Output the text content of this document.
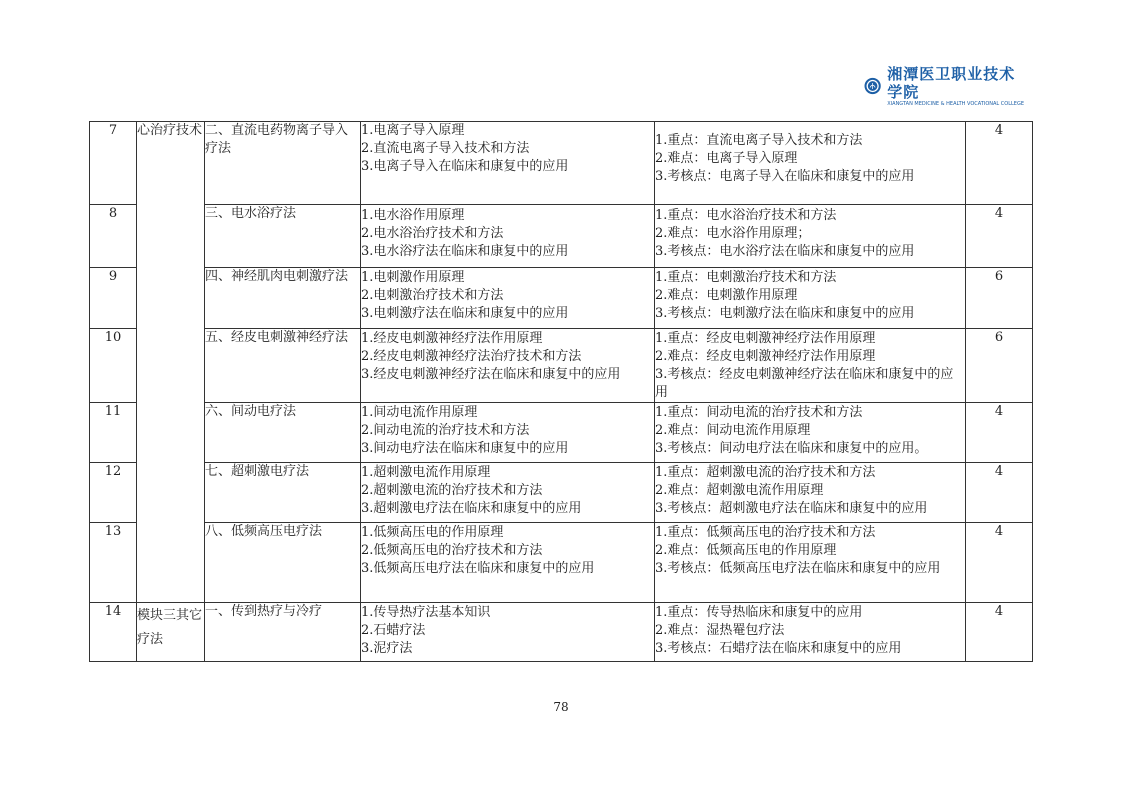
湘潭医卫职业技术学院
XIANGTAN MEDICINE & HEALTH VOCATIONAL COLLEGE
7	心治疗技术	二、直流电药物离子导入疗法	1.电离子导入原理
2.直流电离子导入技术和方法
3.电离子导入在临床和康复中的应用	1.重点：直流电离子导入技术和方法
2.难点：电离子导入原理
3.考核点：电离子导入在临床和康复中的应用	4
8		三、电水浴疗法	1.电水浴作用原理
2.电水浴治疗技术和方法
3.电水浴疗法在临床和康复中的应用	1.重点：电水浴治疗技术和方法
2.难点：电水浴作用原理；
3.考核点：电水浴疗法在临床和康复中的应用	4
9		四、神经肌肉电刺激疗法	1.电刺激作用原理
2.电刺激治疗技术和方法
3.电刺激疗法在临床和康复中的应用	1.重点：电刺激治疗技术和方法
2.难点：电刺激作用原理
3.考核点：电刺激疗法在临床和康复中的应用	6
10		五、经皮电刺激神经疗法	1.经皮电刺激神经疗法作用原理
2.经皮电刺激神经疗法治疗技术和方法
3.经皮电刺激神经疗法在临床和康复中的应用	1.重点：经皮电刺激神经疗法作用原理
2.难点：经皮电刺激神经疗法作用原理
3.考核点：经皮电刺激神经疗法在临床和康复中的应用	6
11		六、间动电疗法	1.间动电流作用原理
2.间动电流的治疗技术和方法
3.间动电疗法在临床和康复中的应用	1.重点：间动电流的治疗技术和方法
2.难点：间动电流作用原理
3.考核点：间动电疗法在临床和康复中的应用。	4
12		七、超刺激电疗法	1.超刺激电流作用原理
2.超刺激电流的治疗技术和方法
3.超刺激电疗法在临床和康复中的应用	1.重点：超刺激电流的治疗技术和方法
2.难点：超刺激电流作用原理
3.考核点：超刺激电疗法在临床和康复中的应用	4
13		八、低频高压电疗法	1.低频高压电的作用原理
2.低频高压电的治疗技术和方法
3.低频高压电疗法在临床和康复中的应用	1.重点：低频高压电的治疗技术和方法
2.难点：低频高压电的作用原理
3.考核点：低频高压电疗法在临床和康复中的应用	4
14	模块三其它疗法	一、传到热疗与冷疗	1.传导热疗法基本知识
2.石蜡疗法
3.泥疗法	1.重点：传导热临床和康复中的应用
2.难点：湿热罨包疗法
3.考核点：石蜡疗法在临床和康复中的应用	4
78
